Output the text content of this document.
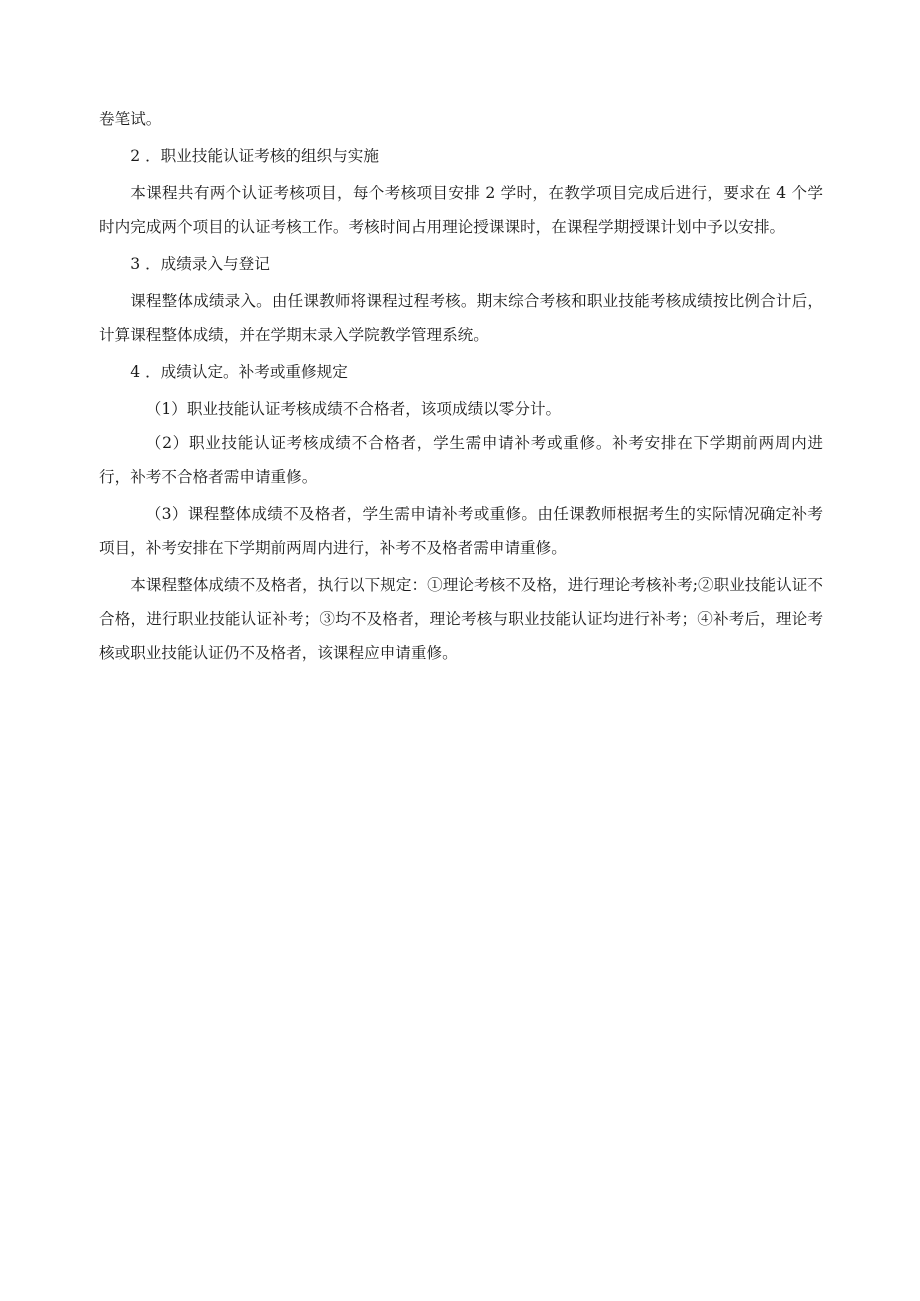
卷笔试。

2 ．职业技能认证考核的组织与实施

本课程共有两个认证考核项目，每个考核项目安排 2 学时，在教学项目完成后进行，要求在 4 个学时内完成两个项目的认证考核工作。考核时间占用理论授课课时，在课程学期授课计划中予以安排。

3 ．成绩录入与登记

课程整体成绩录入。由任课教师将课程过程考核。期末综合考核和职业技能考核成绩按比例合计后，计算课程整体成绩，并在学期末录入学院教学管理系统。

4 ．成绩认定。补考或重修规定

（1）职业技能认证考核成绩不合格者，该项成绩以零分计。

（2）职业技能认证考核成绩不合格者，学生需申请补考或重修。补考安排在下学期前两周内进行，补考不合格者需申请重修。

（3）课程整体成绩不及格者，学生需申请补考或重修。由任课教师根据考生的实际情况确定补考项目，补考安排在下学期前两周内进行，补考不及格者需申请重修。

本课程整体成绩不及格者，执行以下规定：①理论考核不及格，进行理论考核补考;②职业技能认证不合格，进行职业技能认证补考；③均不及格者，理论考核与职业技能认证均进行补考；④补考后，理论考核或职业技能认证仍不及格者，该课程应申请重修。
